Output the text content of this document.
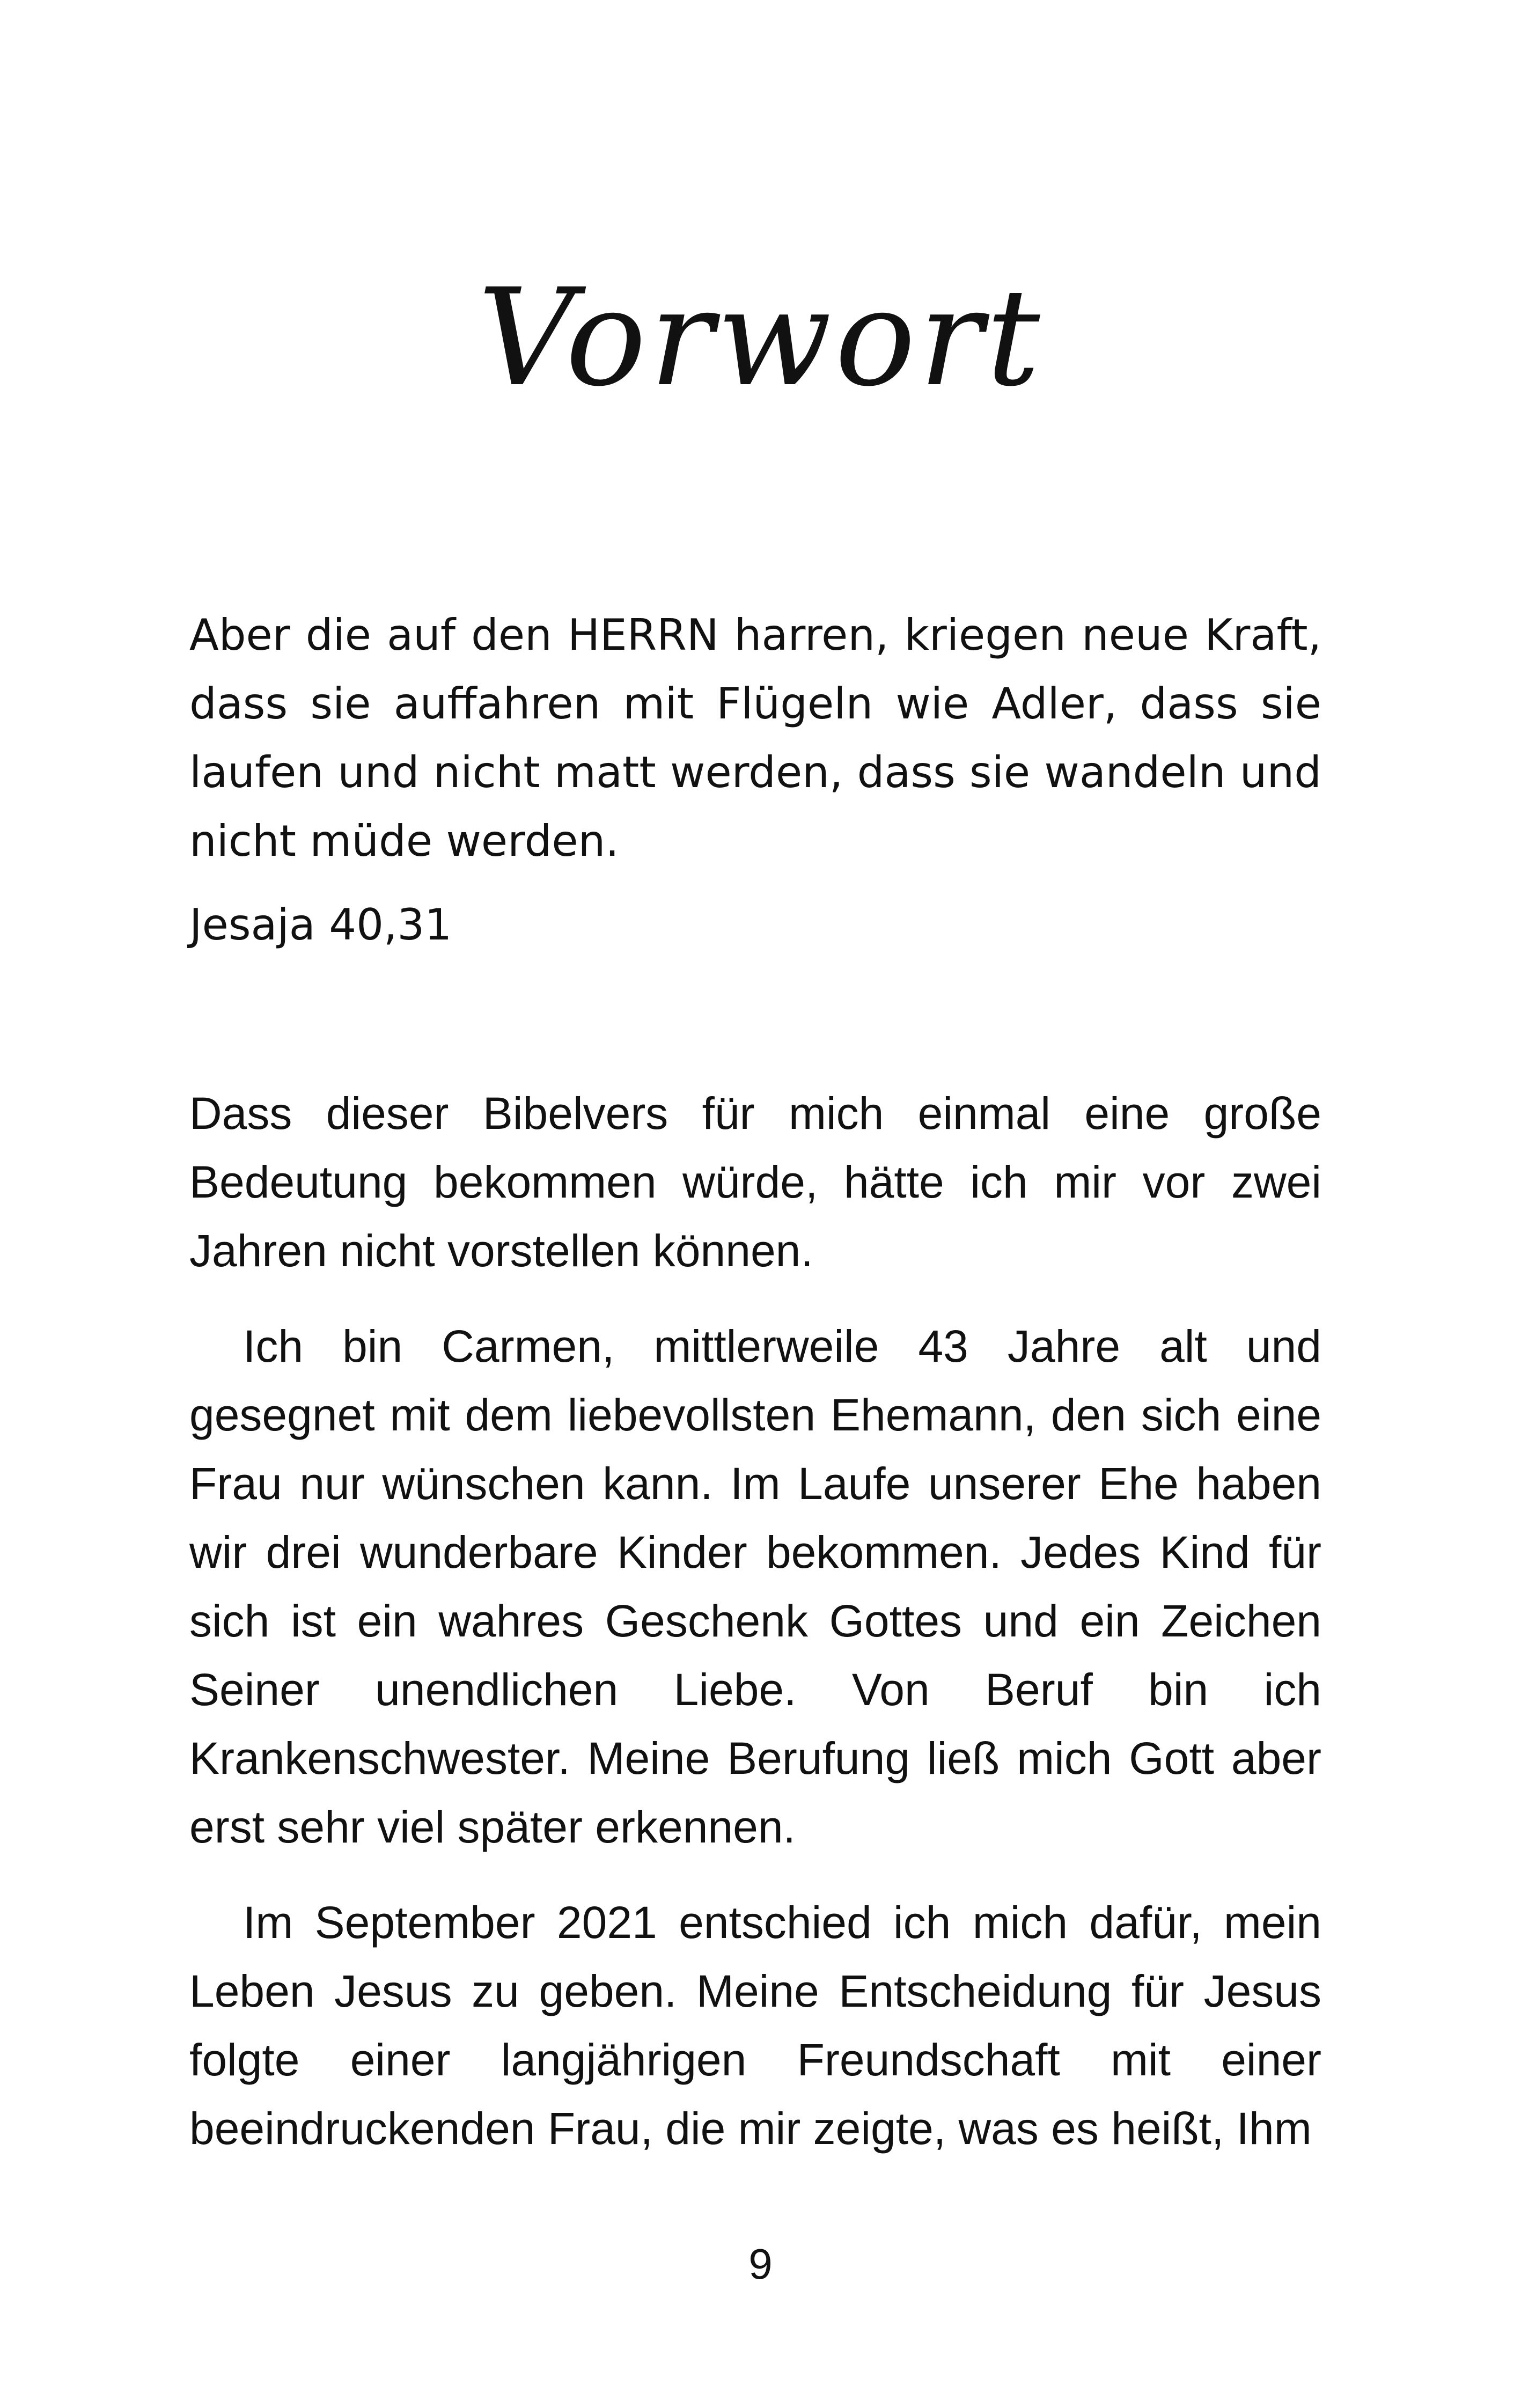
Vorwort

Aber die auf den HERRN harren, kriegen neue Kraft, dass sie auffahren mit Flügeln wie Adler, dass sie laufen und nicht matt werden, dass sie wandeln und nicht müde werden.

Jesaja 40,31

Dass dieser Bibelvers für mich einmal eine große Bedeutung bekommen würde, hätte ich mir vor zwei Jahren nicht vorstellen können.

Ich bin Carmen, mittlerweile 43 Jahre alt und gesegnet mit dem liebevollsten Ehemann, den sich eine Frau nur wünschen kann. Im Laufe unserer Ehe haben wir drei wunderbare Kinder bekommen. Jedes Kind für sich ist ein wahres Geschenk Gottes und ein Zeichen Seiner unendlichen Liebe. Von Beruf bin ich Krankenschwester. Meine Berufung ließ mich Gott aber erst sehr viel später erkennen.

Im September 2021 entschied ich mich dafür, mein Leben Jesus zu geben. Meine Entscheidung für Jesus folgte einer langjährigen Freundschaft mit einer beeindruckenden Frau, die mir zeigte, was es heißt, Ihm

9
